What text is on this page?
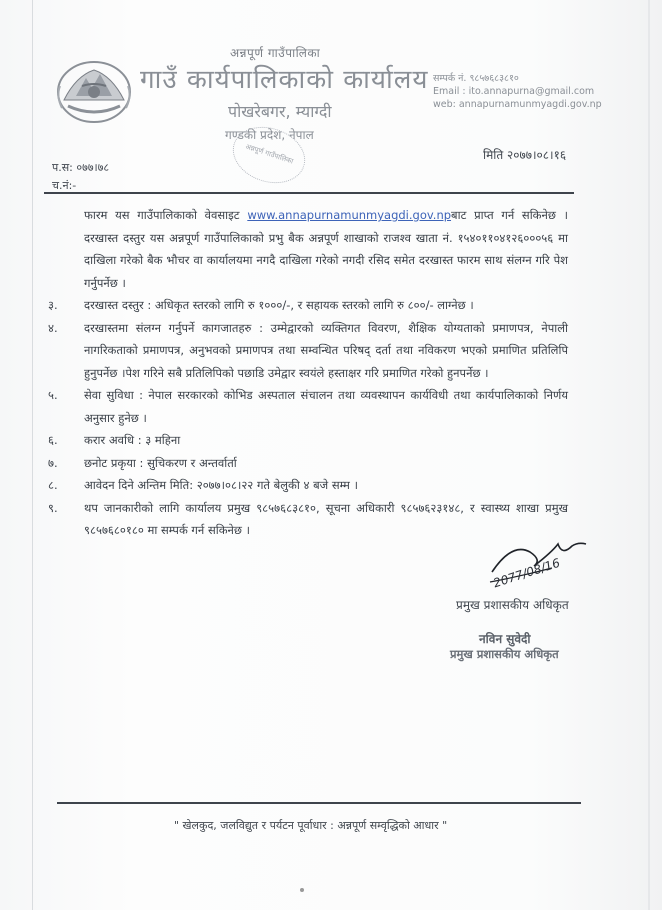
अन्नपूर्ण गाउँपालिका
गाउँ कार्यपालिकाको कार्यालय
पोखरेबगर, म्याग्दी
गण्डकी प्रदेश, नेपाल
सम्पर्क नं. ९८५७६८३८१०
Email : ito.annapurna@gmail.com
web: annapurnamunmyagdi.gov.np
अन्नपूर्ण गाउँपालिका
प.स: ०७७।७८
च.नं:-
मिति २०७७।०८।१६
फारम यस गाउँपालिकाको वेवसाइट www.annapurnamunmyagdi.gov.npबाट प्राप्त गर्न सकिनेछ । दरखास्त दस्तुर यस अन्नपूर्ण गाउँपालिकाको प्रभु बैक अन्नपूर्ण शाखाको राजश्व खाता नं. १५४०११०४१२६०००५६ मा दाखिला गरेको बैक भौचर वा कार्यालयमा नगदै दाखिला गरेको नगदी रसिद समेत दरखास्त फारम साथ संलग्न गरि पेश गर्नुपर्नेछ ।
३.	दरखास्त दस्तुर : अधिकृत स्तरको लागि रु १०००/-, र सहायक स्तरको लागि रु ८००/- लाग्नेछ ।
४.	दरखास्तमा संलग्न गर्नुपर्ने कागजातहरु : उम्मेद्वारको व्यक्तिगत विवरण, शैक्षिक योग्यताको प्रमाणपत्र, नेपाली नागरिकताको प्रमाणपत्र, अनुभवको प्रमाणपत्र तथा सम्वन्धित परिषद् दर्ता तथा नविकरण भएको प्रमाणित प्रतिलिपि हुनुपर्नेछ ।पेश गरिने सबै प्रतिलिपिको पछाडि उमेद्वार स्वयंले हस्ताक्षर गरि प्रमाणित गरेको हुनपर्नेछ ।
५.	सेवा सुविधा : नेपाल सरकारको कोभिड अस्पताल संचालन तथा व्यवस्थापन कार्यविधी तथा कार्यपालिकाको निर्णय अनुसार हुनेछ ।
६.	करार अवधि : ३ महिना
७.	छनोट प्रकृया : सुचिकरण र अन्तर्वार्ता
८.	आवेदन दिने अन्तिम मिति: २०७७।०८।२२ गते बेलुकी ४ बजे सम्म ।
९.	थप जानकारीको लागि कार्यालय प्रमुख ९८५७६८३८१०, सूचना अधिकारी ९८५७६२३१४८, र स्वास्थ्य शाखा प्रमुख ९८५७६८०१८० मा सम्पर्क गर्न सकिनेछ ।
2077/08/16
प्रमुख प्रशासकीय अधिकृत
नविन सुवेदी
प्रमुख प्रशासकीय अधिकृत
" खेलकुद, जलविद्युत र पर्यटन पूर्वाधार : अन्नपूर्ण सम्वृद्धिको आधार "
